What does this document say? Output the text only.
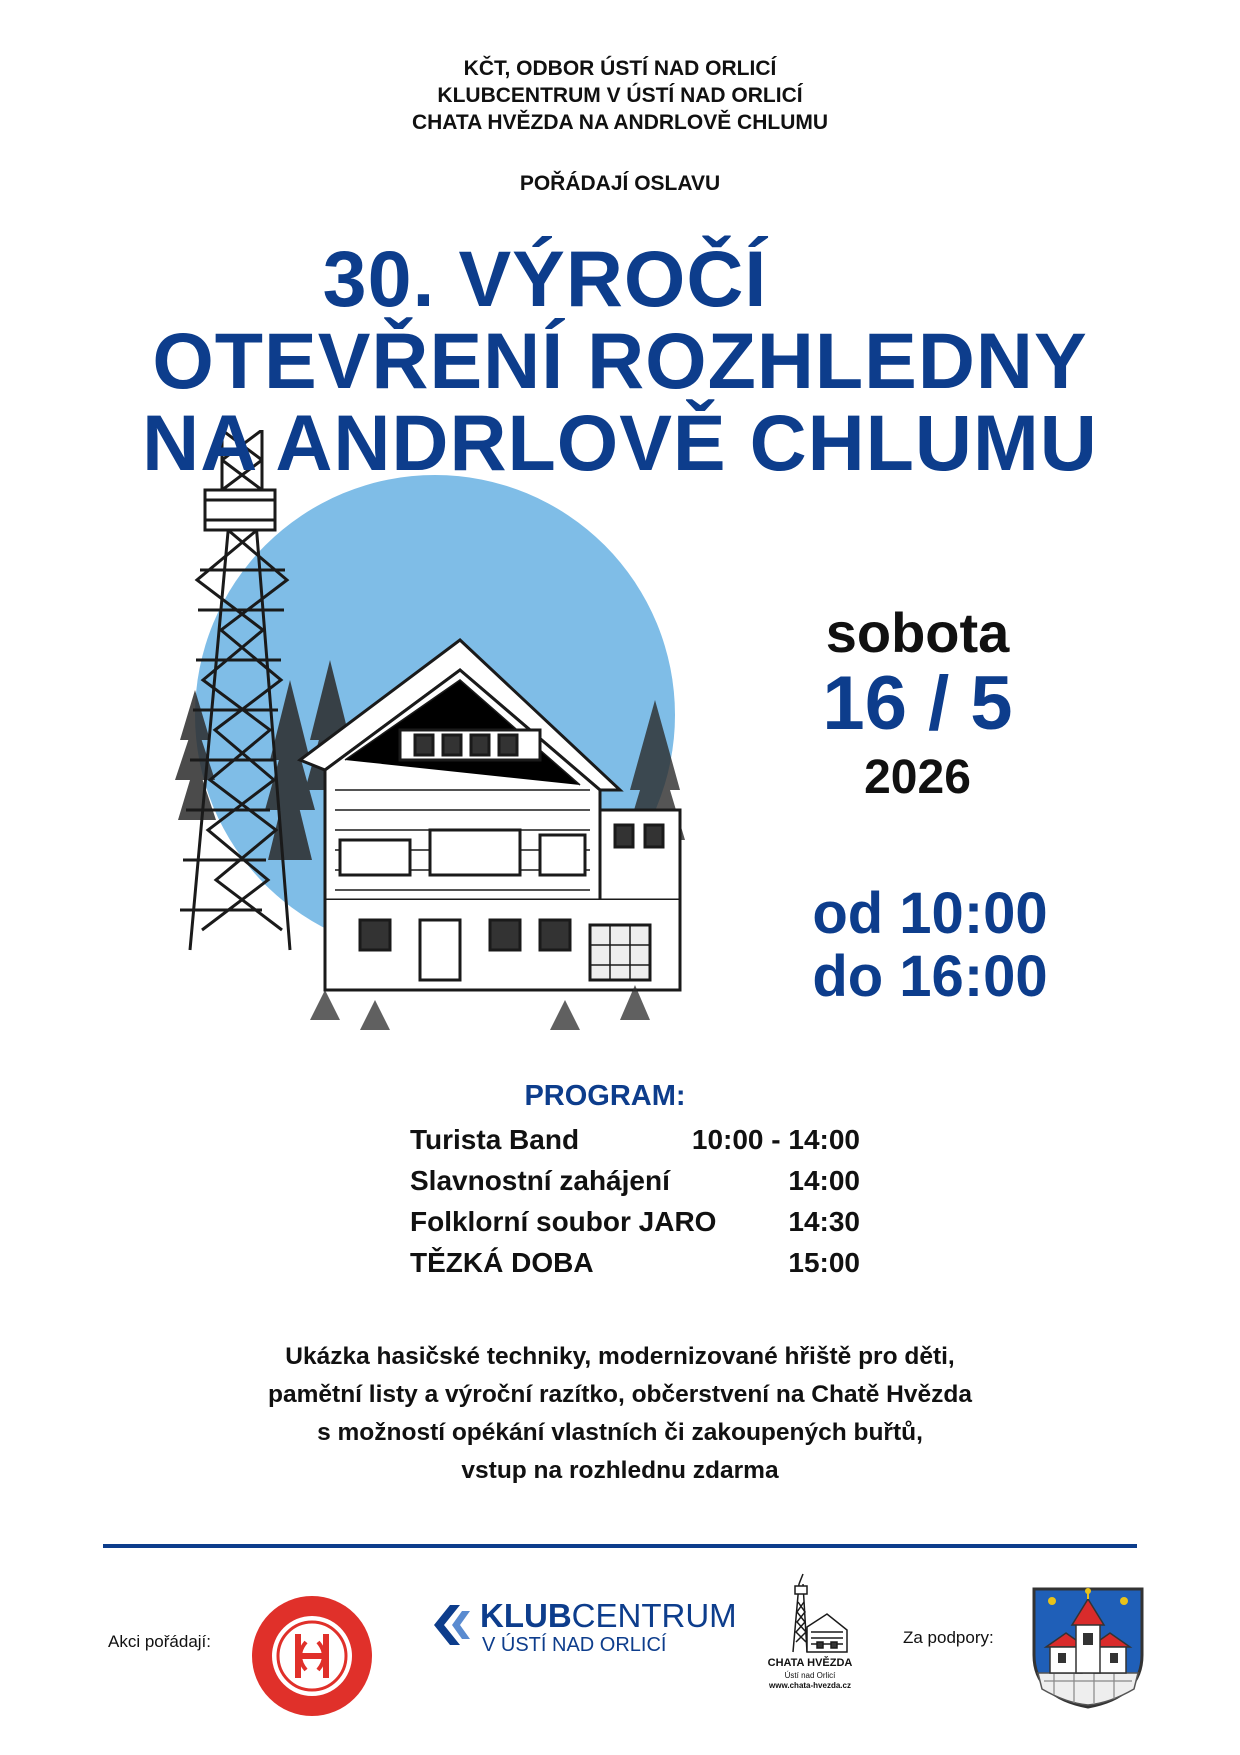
KČT, ODBOR ÚSTÍ NAD ORLICÍ
KLUBCENTRUM V ÚSTÍ NAD ORLICÍ
CHATA HVĚZDA NA ANDRLOVĚ CHLUMU
POŘÁDAJÍ OSLAVU
30. VÝROČÍ
OTEVŘENÍ ROZHLEDNY
NA ANDRLOVĚ CHLUMU
sobota
16 / 5
2026
od 10:00
do 16:00
PROGRAM:
Turista Band	10:00 - 14:00
Slavnostní zahájení	14:00
Folklorní soubor JARO	14:30
TĚZKÁ DOBA	15:00
Ukázka hasičské techniky, modernizované hřiště pro děti,
pamětní listy a výroční razítko, občerstvení na Chatě Hvězda
s možností opékání vlastních či zakoupených buřtů,
vstup na rozhlednu zdarma
Akci pořádají:
KLUBCENTRUM
V ÚSTÍ NAD ORLICÍ
CHATA HVĚZDA
Ústí nad Orlicí
www.chata-hvezda.cz
Za podpory:
